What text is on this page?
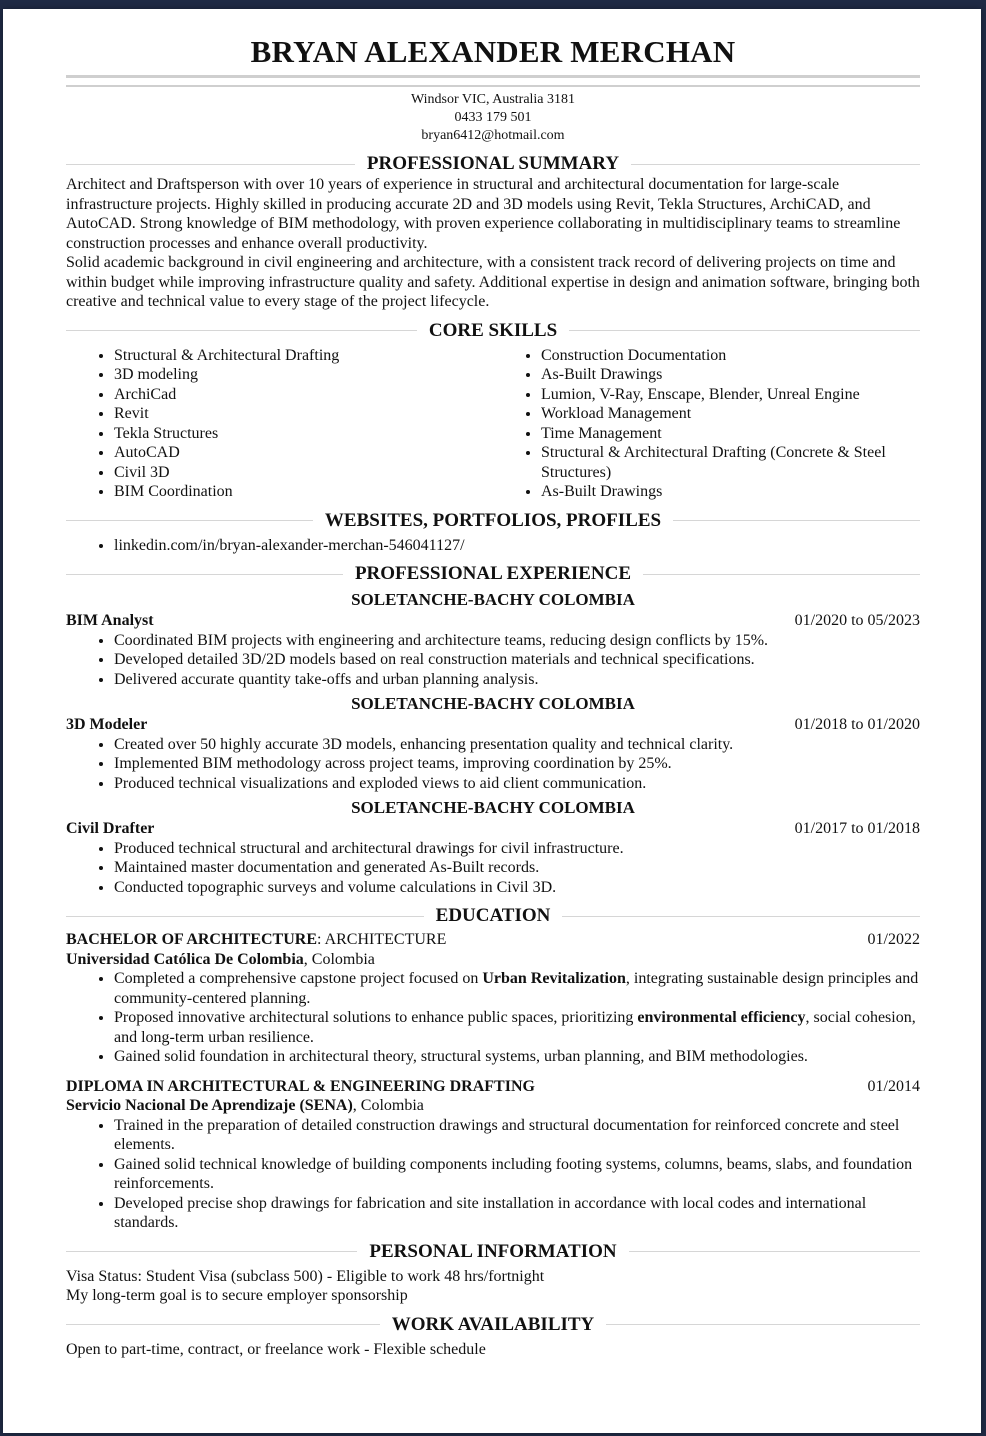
BRYAN ALEXANDER MERCHAN
Windsor VIC, Australia 3181
0433 179 501
bryan6412@hotmail.com
PROFESSIONAL SUMMARY

Architect and Draftsperson with over 10 years of experience in structural and architectural documentation for large-scale infrastructure projects. Highly skilled in producing accurate 2D and 3D models using Revit, Tekla Structures, ArchiCAD, and AutoCAD. Strong knowledge of BIM methodology, with proven experience collaborating in multidisciplinary teams to streamline construction processes and enhance overall productivity.

Solid academic background in civil engineering and architecture, with a consistent track record of delivering projects on time and within budget while improving infrastructure quality and safety. Additional expertise in design and animation software, bringing both creative and technical value to every stage of the project lifecycle.

CORE SKILLS
• Structural & Architectural Drafting
• 3D modeling
• ArchiCad
• Revit
• Tekla Structures
• AutoCAD
• Civil 3D
• BIM Coordination
• Construction Documentation
• As-Built Drawings
• Lumion, V-Ray, Enscape, Blender, Unreal Engine
• Workload Management
• Time Management
• Structural & Architectural Drafting (Concrete & Steel Structures)
• As-Built Drawings
WEBSITES, PORTFOLIOS, PROFILES
• linkedin.com/in/bryan-alexander-merchan-546041127/
PROFESSIONAL EXPERIENCE
SOLETANCHE-BACHY COLOMBIA
BIM Analyst	01/2020 to 05/2023
• Coordinated BIM projects with engineering and architecture teams, reducing design conflicts by 15%.
• Developed detailed 3D/2D models based on real construction materials and technical specifications.
• Delivered accurate quantity take-offs and urban planning analysis.
SOLETANCHE-BACHY COLOMBIA
3D Modeler	01/2018 to 01/2020
• Created over 50 highly accurate 3D models, enhancing presentation quality and technical clarity.
• Implemented BIM methodology across project teams, improving coordination by 25%.
• Produced technical visualizations and exploded views to aid client communication.
SOLETANCHE-BACHY COLOMBIA
Civil Drafter	01/2017 to 01/2018
• Produced technical structural and architectural drawings for civil infrastructure.
• Maintained master documentation and generated As-Built records.
• Conducted topographic surveys and volume calculations in Civil 3D.
EDUCATION
BACHELOR OF ARCHITECTURE: ARCHITECTURE	01/2022
Universidad Católica De Colombia, Colombia
• Completed a comprehensive capstone project focused on Urban Revitalization, integrating sustainable design principles and community-centered planning.
• Proposed innovative architectural solutions to enhance public spaces, prioritizing environmental efficiency, social cohesion, and long-term urban resilience.
• Gained solid foundation in architectural theory, structural systems, urban planning, and BIM methodologies.
DIPLOMA IN ARCHITECTURAL & ENGINEERING DRAFTING	01/2014
Servicio Nacional De Aprendizaje (SENA), Colombia
• Trained in the preparation of detailed construction drawings and structural documentation for reinforced concrete and steel elements.
• Gained solid technical knowledge of building components including footing systems, columns, beams, slabs, and foundation reinforcements.
• Developed precise shop drawings for fabrication and site installation in accordance with local codes and international standards.
PERSONAL INFORMATION
Visa Status: Student Visa (subclass 500) - Eligible to work 48 hrs/fortnight
My long-term goal is to secure employer sponsorship
WORK AVAILABILITY
Open to part-time, contract, or freelance work - Flexible schedule
